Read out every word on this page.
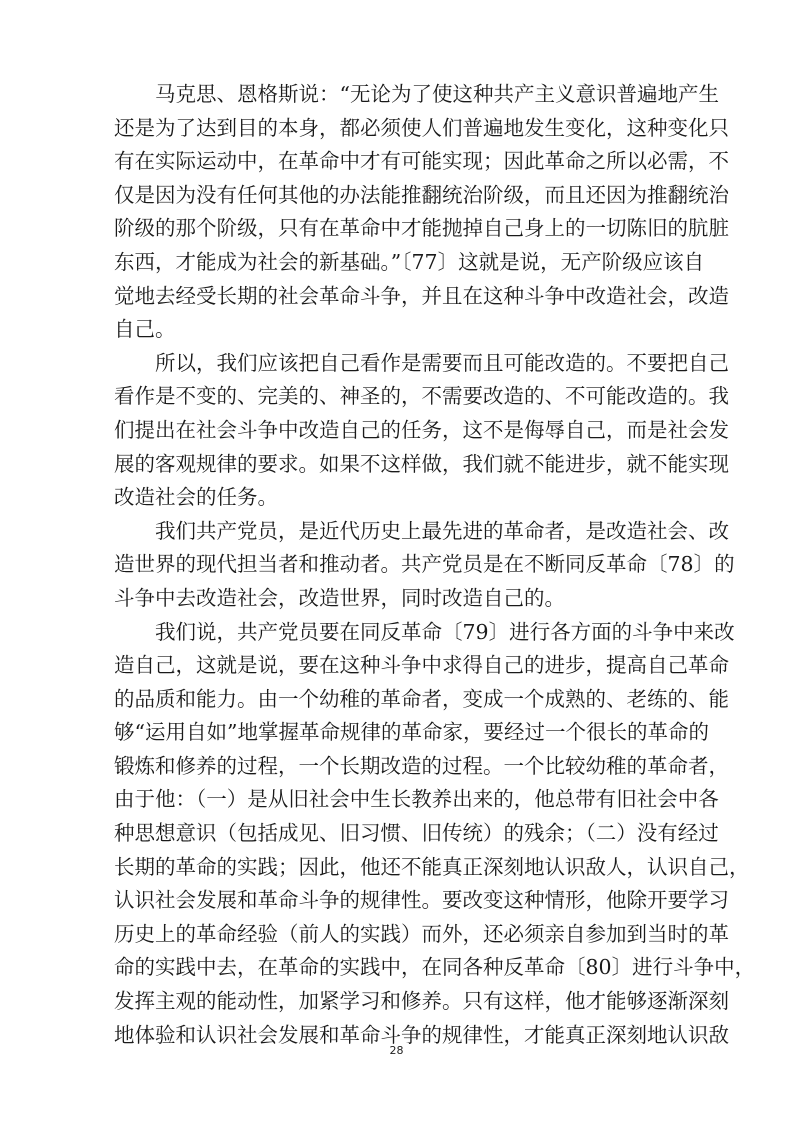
马克思、恩格斯说：“无论为了使这种共产主义意识普遍地产生
还是为了达到目的本身，都必须使人们普遍地发生变化，这种变化只
有在实际运动中，在革命中才有可能实现；因此革命之所以必需，不
仅是因为没有任何其他的办法能推翻统治阶级，而且还因为推翻统治
阶级的那个阶级，只有在革命中才能抛掉自己身上的一切陈旧的肮脏
东西，才能成为社会的新基础。”〔77〕这就是说，无产阶级应该自
觉地去经受长期的社会革命斗争，并且在这种斗争中改造社会，改造
自己。
所以，我们应该把自己看作是需要而且可能改造的。不要把自己
看作是不变的、完美的、神圣的，不需要改造的、不可能改造的。我
们提出在社会斗争中改造自己的任务，这不是侮辱自己，而是社会发
展的客观规律的要求。如果不这样做，我们就不能进步，就不能实现
改造社会的任务。
我们共产党员，是近代历史上最先进的革命者，是改造社会、改
造世界的现代担当者和推动者。共产党员是在不断同反革命〔78〕的
斗争中去改造社会，改造世界，同时改造自己的。
我们说，共产党员要在同反革命〔79〕进行各方面的斗争中来改
造自己，这就是说，要在这种斗争中求得自己的进步，提高自己革命
的品质和能力。由一个幼稚的革命者，变成一个成熟的、老练的、能
够“运用自如”地掌握革命规律的革命家，要经过一个很长的革命的
锻炼和修养的过程，一个长期改造的过程。一个比较幼稚的革命者，
由于他：（一）是从旧社会中生长教养出来的，他总带有旧社会中各
种思想意识（包括成见、旧习惯、旧传统）的残余；（二）没有经过
长期的革命的实践；因此，他还不能真正深刻地认识敌人，认识自己，
认识社会发展和革命斗争的规律性。要改变这种情形，他除开要学习
历史上的革命经验（前人的实践）而外，还必须亲自参加到当时的革
命的实践中去，在革命的实践中，在同各种反革命〔80〕进行斗争中，
发挥主观的能动性，加紧学习和修养。只有这样，他才能够逐渐深刻
地体验和认识社会发展和革命斗争的规律性，才能真正深刻地认识敌
28
